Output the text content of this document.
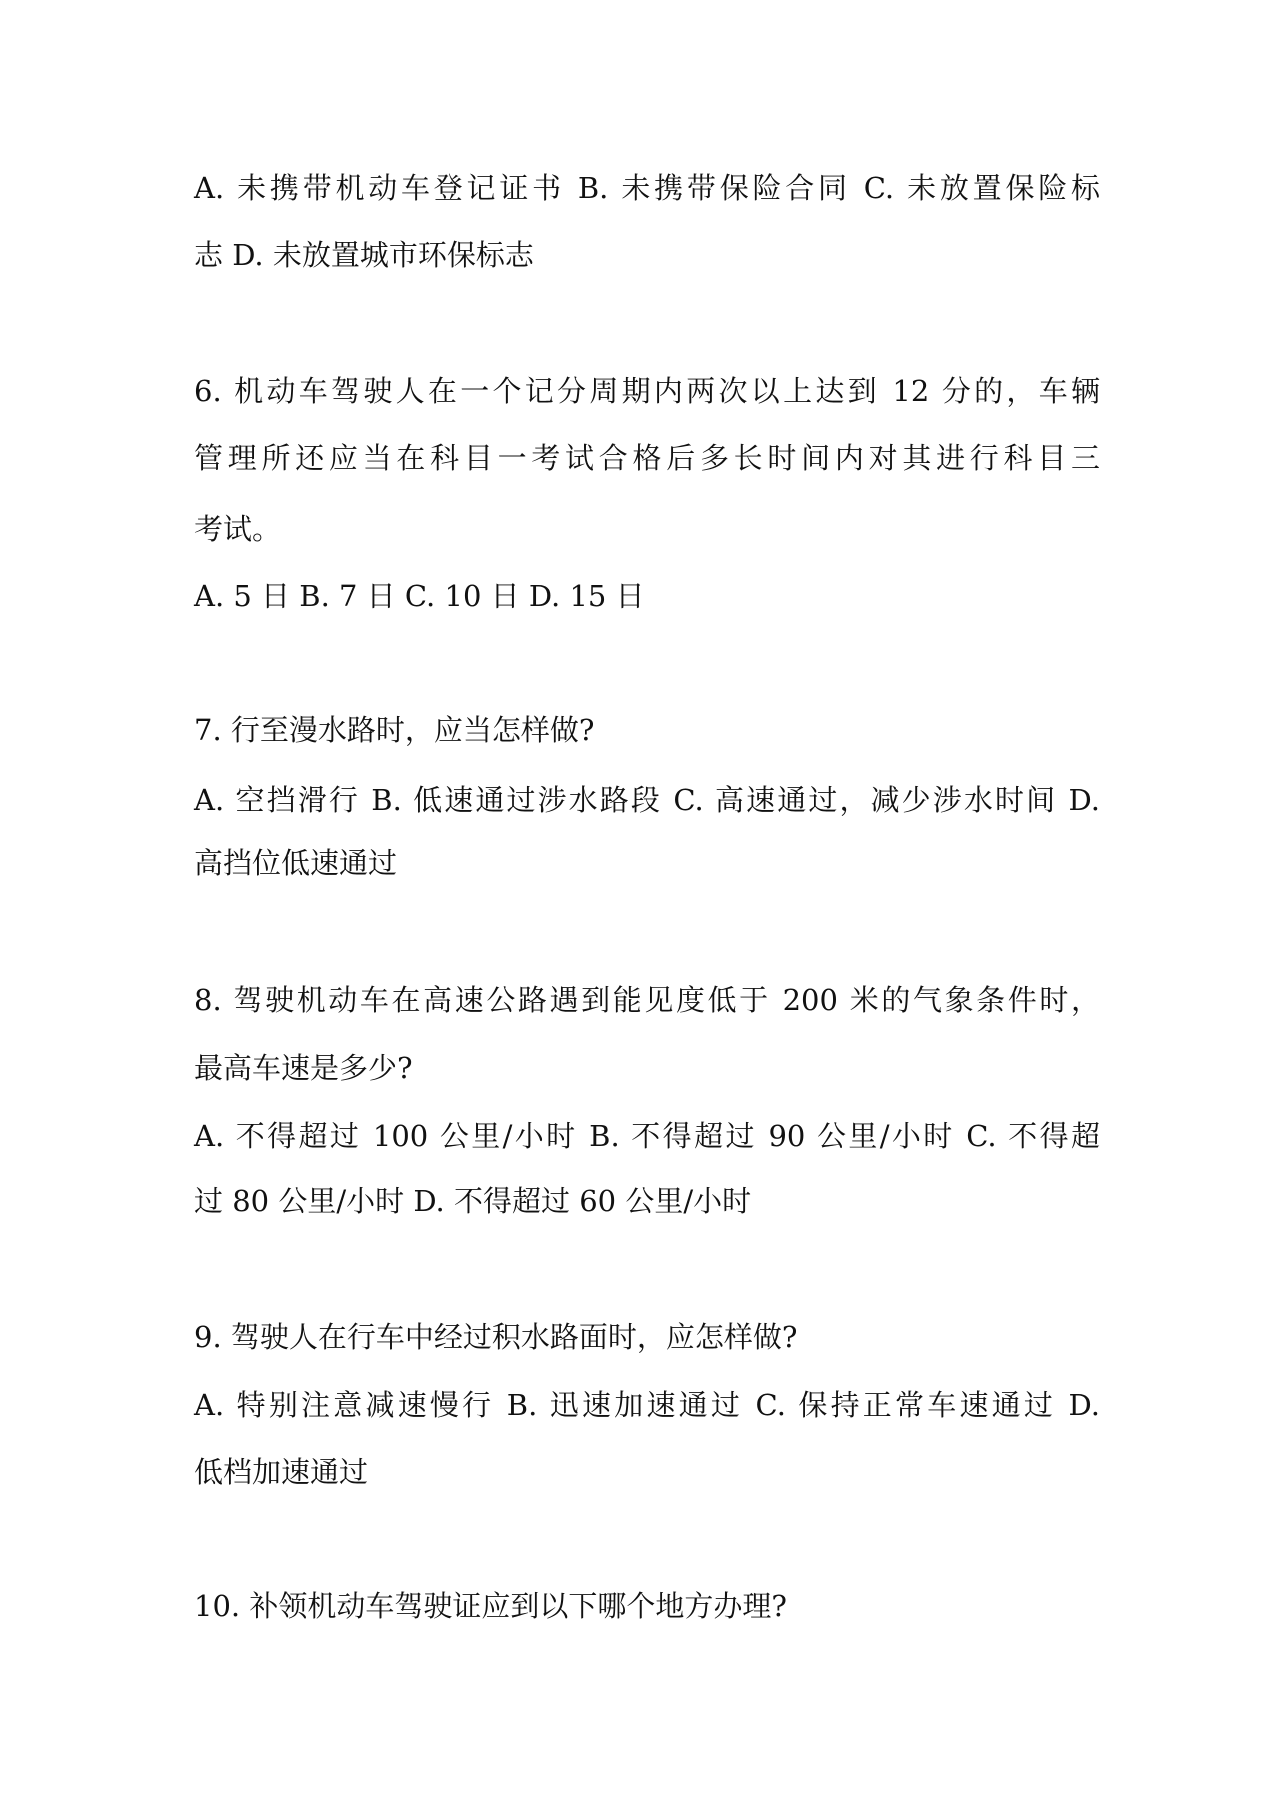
A. 未携带机动车登记证书 B. 未携带保险合同 C. 未放置保险标
志 D. 未放置城市环保标志
6. 机动车驾驶人在一个记分周期内两次以上达到 12 分的，车辆
管理所还应当在科目一考试合格后多长时间内对其进行科目三
考试。
A. 5 日 B. 7 日 C. 10 日 D. 15 日
7. 行至漫水路时，应当怎样做?
A. 空挡滑行 B. 低速通过涉水路段 C. 高速通过，减少涉水时间 D.
高挡位低速通过
8. 驾驶机动车在高速公路遇到能见度低于 200 米的气象条件时，
最高车速是多少?
A. 不得超过 100 公里/小时 B. 不得超过 90 公里/小时 C. 不得超
过 80 公里/小时 D. 不得超过 60 公里/小时
9. 驾驶人在行车中经过积水路面时，应怎样做?
A. 特别注意减速慢行 B. 迅速加速通过 C. 保持正常车速通过 D.
低档加速通过
10. 补领机动车驾驶证应到以下哪个地方办理?
